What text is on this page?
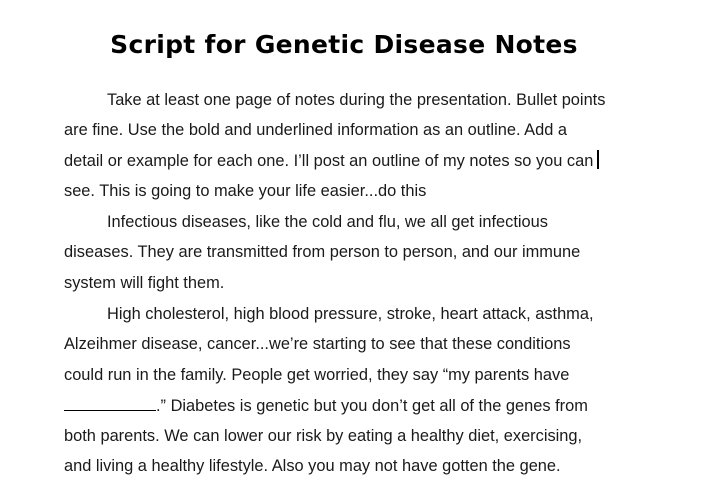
Script for Genetic Disease Notes

Take at least one page of notes during the presentation. Bullet points

are fine. Use the bold and underlined information as an outline. Add a

detail or example for each one. I’ll post an outline of my notes so you can

see. This is going to make your life easier...do this

Infectious diseases, like the cold and flu, we all get infectious

diseases. They are transmitted from person to person, and our immune

system will fight them.

High cholesterol, high blood pressure, stroke, heart attack, asthma,

Alzeihmer disease, cancer...we’re starting to see that these conditions

could run in the family. People get worried, they say “my parents have

.” Diabetes is genetic but you don’t get all of the genes from

both parents. We can lower our risk by eating a healthy diet, exercising,

and living a healthy lifestyle. Also you may not have gotten the gene.
